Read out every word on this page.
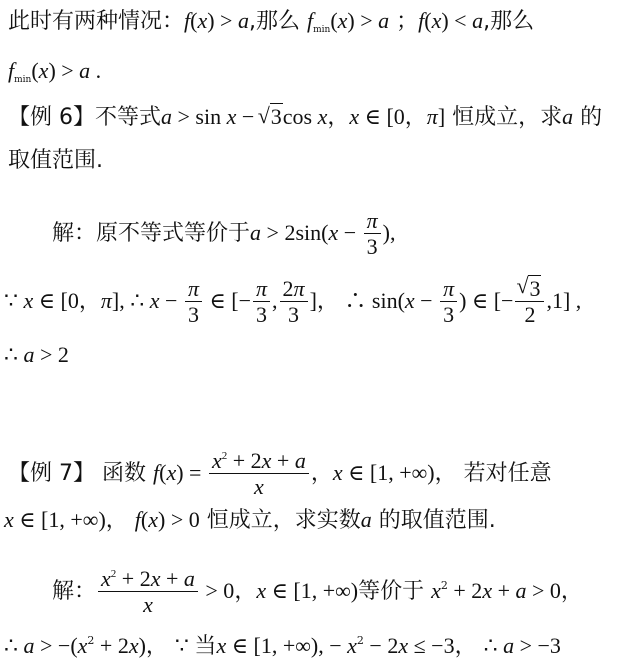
此时有两种情况：f(x) > a,那么 $f_{min}(x) > a$ ；f(x) < a,那么
$f_{min}(x) > a$ .
【例 6】不等式a > sin x − √ 3cos x，x ∈ [0，π] 恒成立，求a 的
取值范围.
解：原不等式等价于$a > 2\sin(x - \frac{\pi}{3}$ ),
∵ x ∈ [0，π], ∴ $x - \frac{\pi}{3}$ ∈ [− $\frac{\pi}{3}$ , $\frac{2\pi}{3}$ ]， ∴ $\sin(x - \frac{\pi}{3}$ ) ∈ [−
√ $\frac{3}{2} ,1$] ,
∴ a > 2
【例 7】 函数 $f(x) = \frac{x^2 + 2x + a}{x}$ ，x ∈ [1, +∞)， 若对任意
x ∈ [1, +∞)， f(x) > 0 恒成立，求实数a 的取值范围.
解： $\frac{x^2 + 2x + a}{x} > 0$，x ∈ [1, +∞)等价于 $x^2 + 2x + a > 0$，
∴ $a > -(x^2 + 2x)$， ∵ 当x ∈ [1, +∞), − $x^2 - 2x \le -3$， ∴ a > −3
